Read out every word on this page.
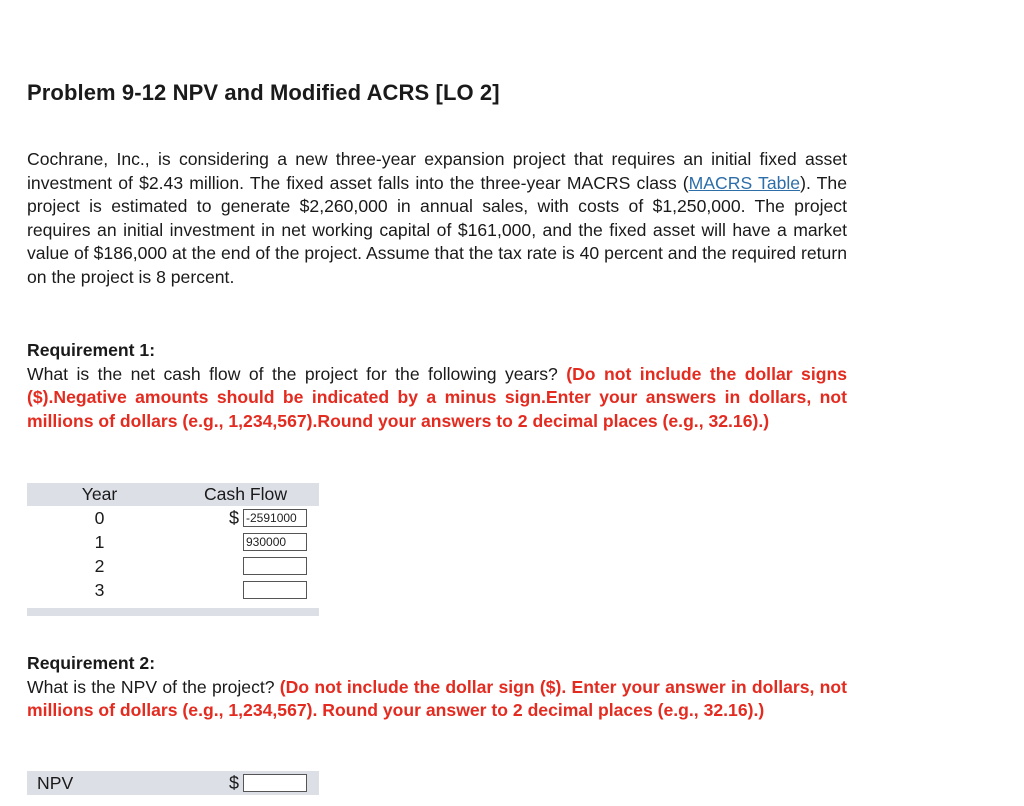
Problem 9-12 NPV and Modified ACRS [LO 2]
Cochrane, Inc., is considering a new three-year expansion project that requires an initial fixed asset investment of $2.43 million. The fixed asset falls into the three-year MACRS class (MACRS Table). The project is estimated to generate $2,260,000 in annual sales, with costs of $1,250,000. The project requires an initial investment in net working capital of $161,000, and the fixed asset will have a market value of $186,000 at the end of the project. Assume that the tax rate is 40 percent and the required return on the project is 8 percent.
Requirement 1:
What is the net cash flow of the project for the following years? (Do not include the dollar signs ($).Negative amounts should be indicated by a minus sign.Enter your answers in dollars, not millions of dollars (e.g., 1,234,567).Round your answers to 2 decimal places (e.g., 32.16).)
Year	Cash Flow
0	$ -2591000
1	930000
2
3
Requirement 2:
What is the NPV of the project? (Do not include the dollar sign ($). Enter your answer in dollars, not millions of dollars (e.g., 1,234,567). Round your answer to 2 decimal places (e.g., 32.16).)
NPV	$
